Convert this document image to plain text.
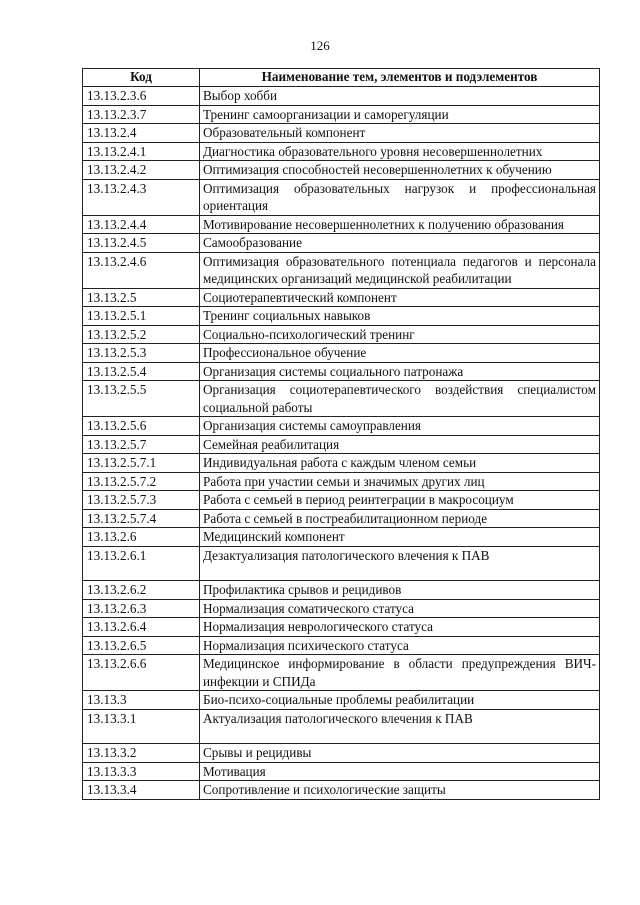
126
Код	Наименование тем, элементов и подэлементов
13.13.2.3.6	Выбор хобби
13.13.2.3.7	Тренинг самоорганизации и саморегуляции
13.13.2.4	Образовательный компонент
13.13.2.4.1	Диагностика образовательного уровня несовершеннолетних
13.13.2.4.2	Оптимизация способностей несовершеннолетних к обучению
13.13.2.4.3	Оптимизация образовательных нагрузок и профессиональная ориентация
13.13.2.4.4	Мотивирование несовершеннолетних к получению образования
13.13.2.4.5	Самообразование
13.13.2.4.6	Оптимизация образовательного потенциала педагогов и персонала медицинских организаций медицинской реабилитации
13.13.2.5	Социотерапевтический компонент
13.13.2.5.1	Тренинг социальных навыков
13.13.2.5.2	Социально-психологический тренинг
13.13.2.5.3	Профессиональное обучение
13.13.2.5.4	Организация системы социального патронажа
13.13.2.5.5	Организация социотерапевтического воздействия специалистом социальной работы
13.13.2.5.6	Организация системы самоуправления
13.13.2.5.7	Семейная реабилитация
13.13.2.5.7.1	Индивидуальная работа с каждым членом семьи
13.13.2.5.7.2	Работа при участии семьи и значимых других лиц
13.13.2.5.7.3	Работа с семьей в период реинтеграции в макросоциум
13.13.2.5.7.4	Работа с семьей в постреабилитационном периоде
13.13.2.6	Медицинский компонент
13.13.2.6.1	Дезактуализация патологического влечения к ПАВ
13.13.2.6.2	Профилактика срывов и рецидивов
13.13.2.6.3	Нормализация соматического статуса
13.13.2.6.4	Нормализация неврологического статуса
13.13.2.6.5	Нормализация психического статуса
13.13.2.6.6	Медицинское информирование в области предупреждения ВИЧ-инфекции и СПИДа
13.13.3	Био-психо-социальные проблемы реабилитации
13.13.3.1	Актуализация патологического влечения к ПАВ
13.13.3.2	Срывы и рецидивы
13.13.3.3	Мотивация
13.13.3.4	Сопротивление и психологические защиты
